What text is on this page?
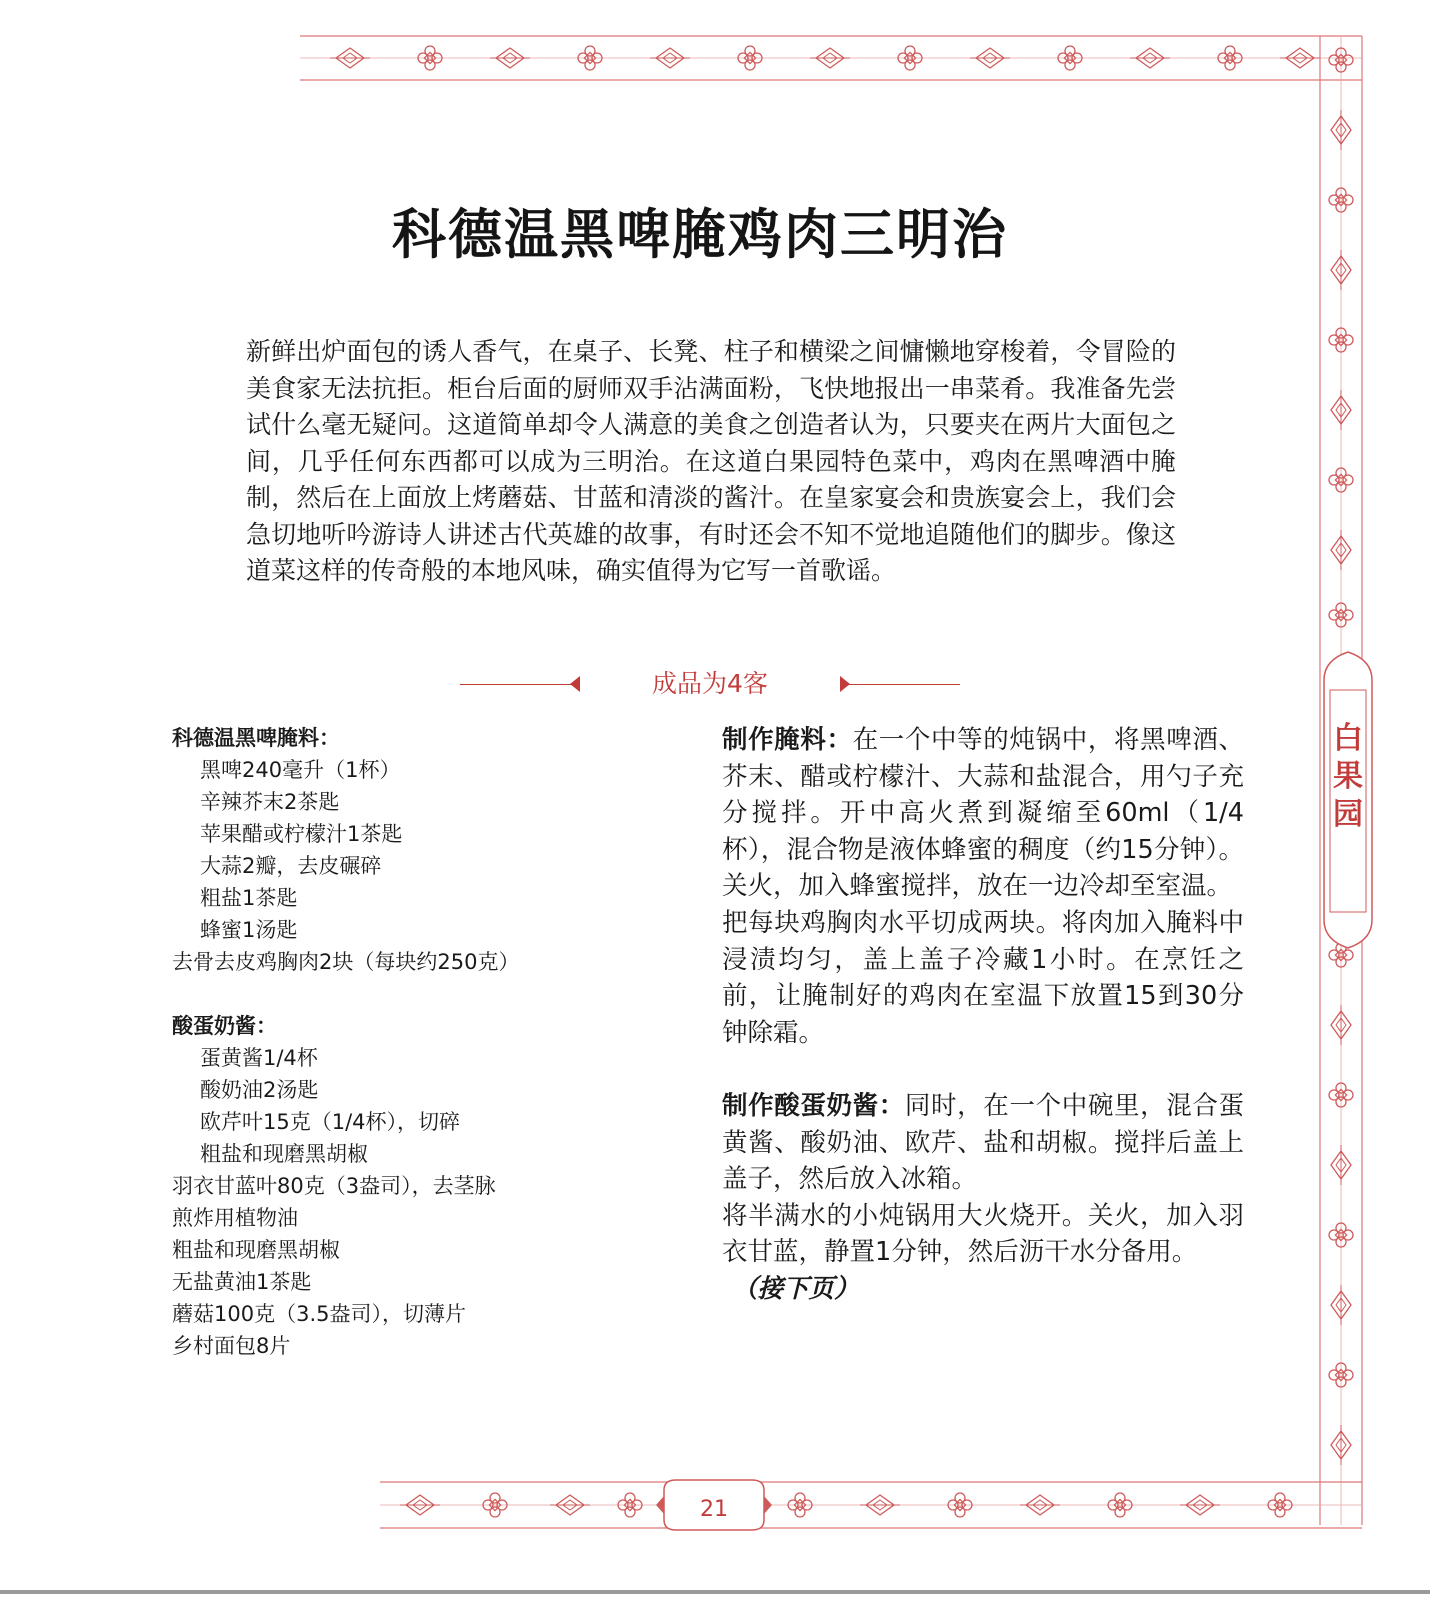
科德温黑啤腌鸡肉三明治

新鲜出炉面包的诱人香气，在桌子、长凳、柱子和横梁之间慵懒地穿梭着，令冒险的美食家无法抗拒。柜台后面的厨师双手沾满面粉，飞快地报出一串菜肴。我准备先尝试什么毫无疑问。这道简单却令人满意的美食之创造者认为，只要夹在两片大面包之间，几乎任何东西都可以成为三明治。在这道白果园特色菜中，鸡肉在黑啤酒中腌制，然后在上面放上烤蘑菇、甘蓝和清淡的酱汁。在皇家宴会和贵族宴会上，我们会急切地听吟游诗人讲述古代英雄的故事，有时还会不知不觉地追随他们的脚步。像这道菜这样的传奇般的本地风味，确实值得为它写一首歌谣。

成品为4客
科德温黑啤腌料：
黑啤240毫升（1杯）
辛辣芥末2茶匙
苹果醋或柠檬汁1茶匙
大蒜2瓣，去皮碾碎
粗盐1茶匙
蜂蜜1汤匙
去骨去皮鸡胸肉2块（每块约250克）
酸蛋奶酱：
蛋黄酱1/4杯
酸奶油2汤匙
欧芹叶15克（1/4杯），切碎
粗盐和现磨黑胡椒
羽衣甘蓝叶80克（3盎司），去茎脉
煎炸用植物油
粗盐和现磨黑胡椒
无盐黄油1茶匙
蘑菇100克（3.5盎司），切薄片
乡村面包8片

制作腌料：在一个中等的炖锅中，将黑啤酒、芥末、醋或柠檬汁、大蒜和盐混合，用勺子充分搅拌。开中高火煮到凝缩至60ml（1/4杯），混合物是液体蜂蜜的稠度（约15分钟）。关火，加入蜂蜜搅拌，放在一边冷却至室温。

把每块鸡胸肉水平切成两块。将肉加入腌料中浸渍均匀，盖上盖子冷藏1小时。在烹饪之前，让腌制好的鸡肉在室温下放置15到30分钟除霜。

制作酸蛋奶酱：同时，在一个中碗里，混合蛋黄酱、酸奶油、欧芹、盐和胡椒。搅拌后盖上盖子，然后放入冰箱。

将半满水的小炖锅用大火烧开。关火，加入羽衣甘蓝，静置1分钟，然后沥干水分备用。

（接下页）

白
果
园
21
